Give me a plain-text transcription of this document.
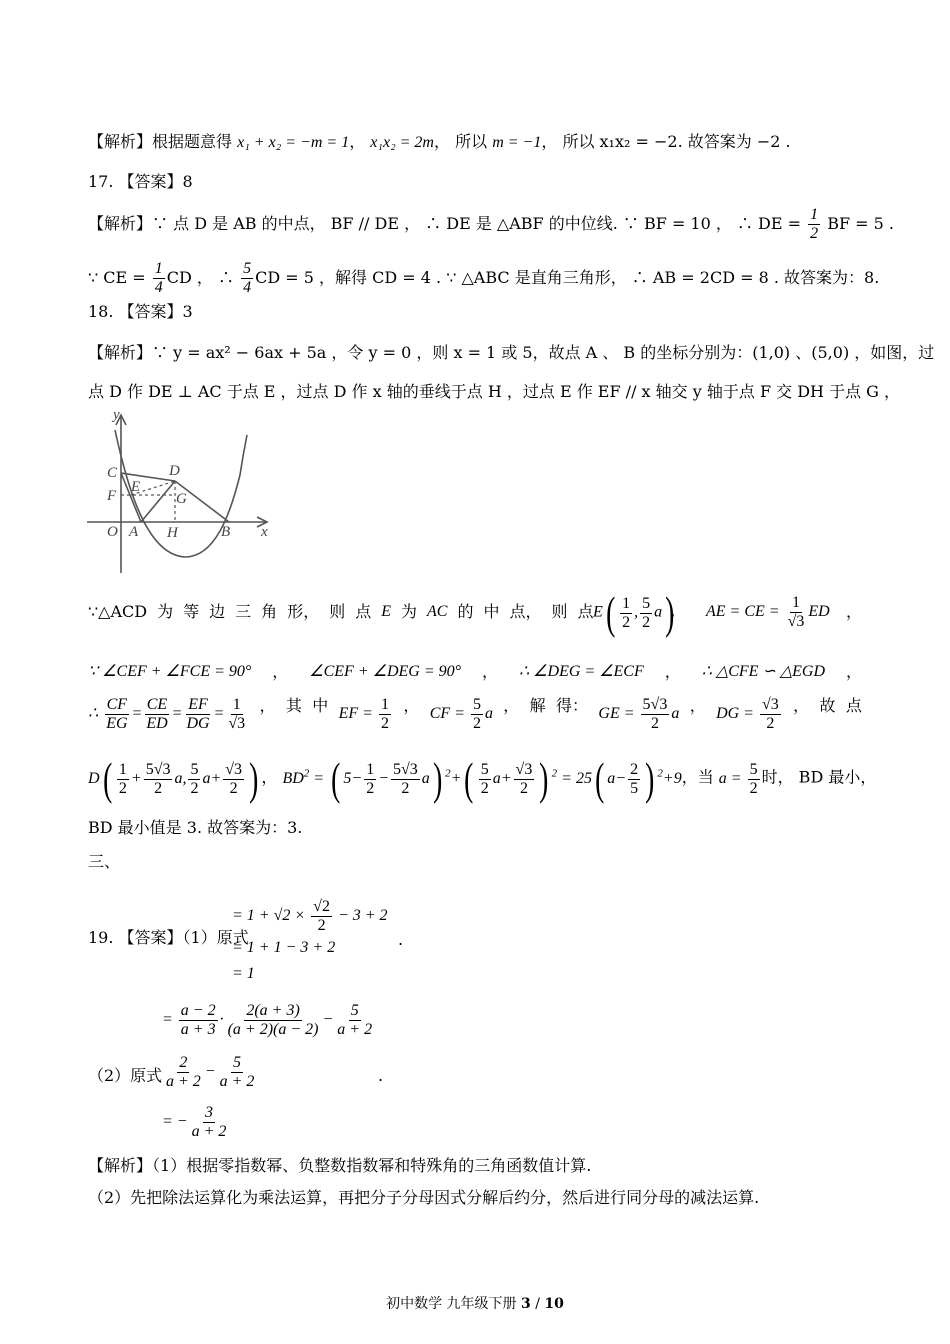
【解析】根据题意得 x₁ + x₂ = −m = 1， x₁x₂ = 2m， 所以 m = −1， 所以 x₁x₂ = −2. 故答案为 −2 .
17. 【答案】8
【解析】∵ 点 D 是 AB 的中点， BF // DE ， ∴ DE 是 △ABF 的中位线. ∵ BF = 10 ， ∴ DE = $\frac{1}{2}$ BF = 5 .
∵ CE = $\frac{1}{4}$ CD ， ∴ $\frac{5}{4}$ CD = 5 ，解得 CD = 4 . ∵ △ABC 是直角三角形， ∴ AB = 2CD = 8 . 故答案为：8.
18. 【答案】3
【解析】∵ y = ax² − 6ax + 5a ，令 y = 0 ，则 x = 1 或 5，故点 A 、 B 的坐标分别为：(1,0) 、(5,0) ，如图，过
点 D 作 DE ⊥ AC 于点 E ，过点 D 作 x 轴的垂线于点 H ，过点 E 作 EF // x 轴交 y 轴于点 F 交 DH 于点 G ，
y
x
C	D
E
F	G
O A H	B
∵△ACD 为 等 边 三 角 形， 则 点 E 为 AC 的 中 点， 则 点 $E( \frac{1}{2}$ , $\frac{5}{2} a$)
， AE = CE = $\frac{1}{√3}$ ED ，
∵ ∠CEF + ∠FCE = 90° ， ∠CEF + ∠DEG = 90° ， ∴ ∠DEG = ∠ECF ， ∴ △CFE ∽ △EGD ，
∴ $\frac{CF}{EG} = \frac{CE}{ED} = \frac{EF}{DG} = \frac{1}{√3}$ ， 其 中 EF = $\frac{1}{2}$ ， CF = $\frac{5}{2}$ a ， 解 得： GE = $\frac{5√3}{2}$ a ， DG = $\frac{√3}{2}$ ， 故 点
$D( \frac{1}{2} + \frac{5√3}{2} a$, $\frac{5}{2} a+ \frac{√3}{2}$ ) ， $BD^2$ = ( $5- \frac{1}{2} - \frac{5√3}{2} a$) $^2+( \frac{5}{2} a+ \frac{√3}{2}$ ) $^2$ = 25( $a- \frac{2}{5}$ ) $^2$+9，当 $a = \frac{5}{2}$ 时， BD 最小，
BD 最小值是 3. 故答案为：3.
三、
19. 【答案】（1）原式
= $1 + √2 \times \frac{√2}{2} - 3 + 2$
= 1 + 1 − 3 + 2
= 1
.
= $\frac{a - 2}{a + 3} \cdot \frac{2(a + 3)}{(a + 2)(a - 2)} - \frac{5}{a + 2}$
（2）原式 $\frac{2}{a + 2} - \frac{5}{a + 2}$	.
= − $\frac{3}{a + 2}$
【解析】（1）根据零指数幂、负整数指数幂和特殊角的三角函数值计算.
（2）先把除法运算化为乘法运算，再把分子分母因式分解后约分，然后进行同分母的减法运算.
初中数学 九年级下册 3 / 10
